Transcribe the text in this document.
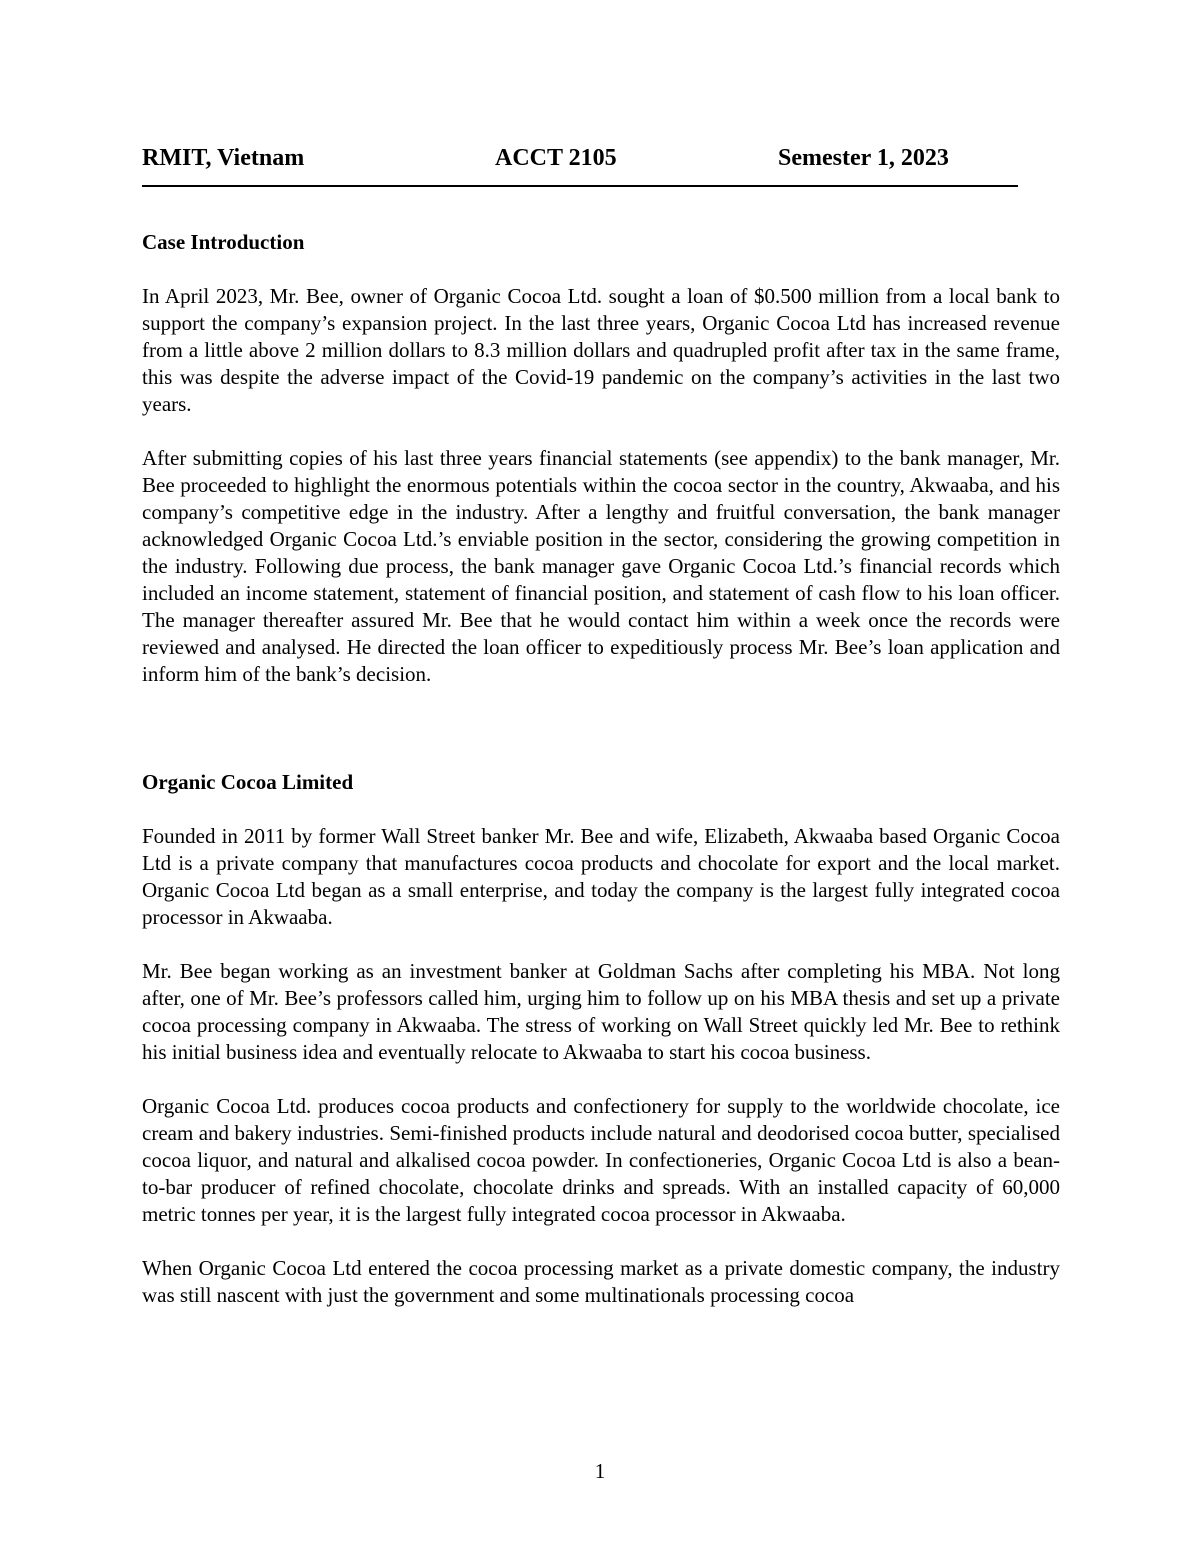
RMIT, Vietnam	ACCT 2105	Semester 1, 2023
Case Introduction

In April 2023, Mr. Bee, owner of Organic Cocoa Ltd. sought a loan of $0.500 million from a local bank to support the company’s expansion project. In the last three years, Organic Cocoa Ltd has increased revenue from a little above 2 million dollars to 8.3 million dollars and quadrupled profit after tax in the same frame, this was despite the adverse impact of the Covid-19 pandemic on the company’s activities in the last two years.

After submitting copies of his last three years financial statements (see appendix) to the bank manager, Mr. Bee proceeded to highlight the enormous potentials within the cocoa sector in the country, Akwaaba, and his company’s competitive edge in the industry. After a lengthy and fruitful conversation, the bank manager acknowledged Organic Cocoa Ltd.’s enviable position in the sector, considering the growing competition in the industry. Following due process, the bank manager gave Organic Cocoa Ltd.’s financial records which included an income statement, statement of financial position, and statement of cash flow to his loan officer. The manager thereafter assured Mr. Bee that he would contact him within a week once the records were reviewed and analysed. He directed the loan officer to expeditiously process Mr. Bee’s loan application and inform him of the bank’s decision.

Organic Cocoa Limited

Founded in 2011 by former Wall Street banker Mr. Bee and wife, Elizabeth, Akwaaba based Organic Cocoa Ltd is a private company that manufactures cocoa products and chocolate for export and the local market. Organic Cocoa Ltd began as a small enterprise, and today the company is the largest fully integrated cocoa processor in Akwaaba.

Mr. Bee began working as an investment banker at Goldman Sachs after completing his MBA. Not long after, one of Mr. Bee’s professors called him, urging him to follow up on his MBA thesis and set up a private cocoa processing company in Akwaaba. The stress of working on Wall Street quickly led Mr. Bee to rethink his initial business idea and eventually relocate to Akwaaba to start his cocoa business.

Organic Cocoa Ltd. produces cocoa products and confectionery for supply to the worldwide chocolate, ice cream and bakery industries. Semi-finished products include natural and deodorised cocoa butter, specialised cocoa liquor, and natural and alkalised cocoa powder. In confectioneries, Organic Cocoa Ltd is also a bean-to-bar producer of refined chocolate, chocolate drinks and spreads. With an installed capacity of 60,000 metric tonnes per year, it is the largest fully integrated cocoa processor in Akwaaba.

When Organic Cocoa Ltd entered the cocoa processing market as a private domestic company, the industry was still nascent with just the government and some multinationals processing cocoa

1
